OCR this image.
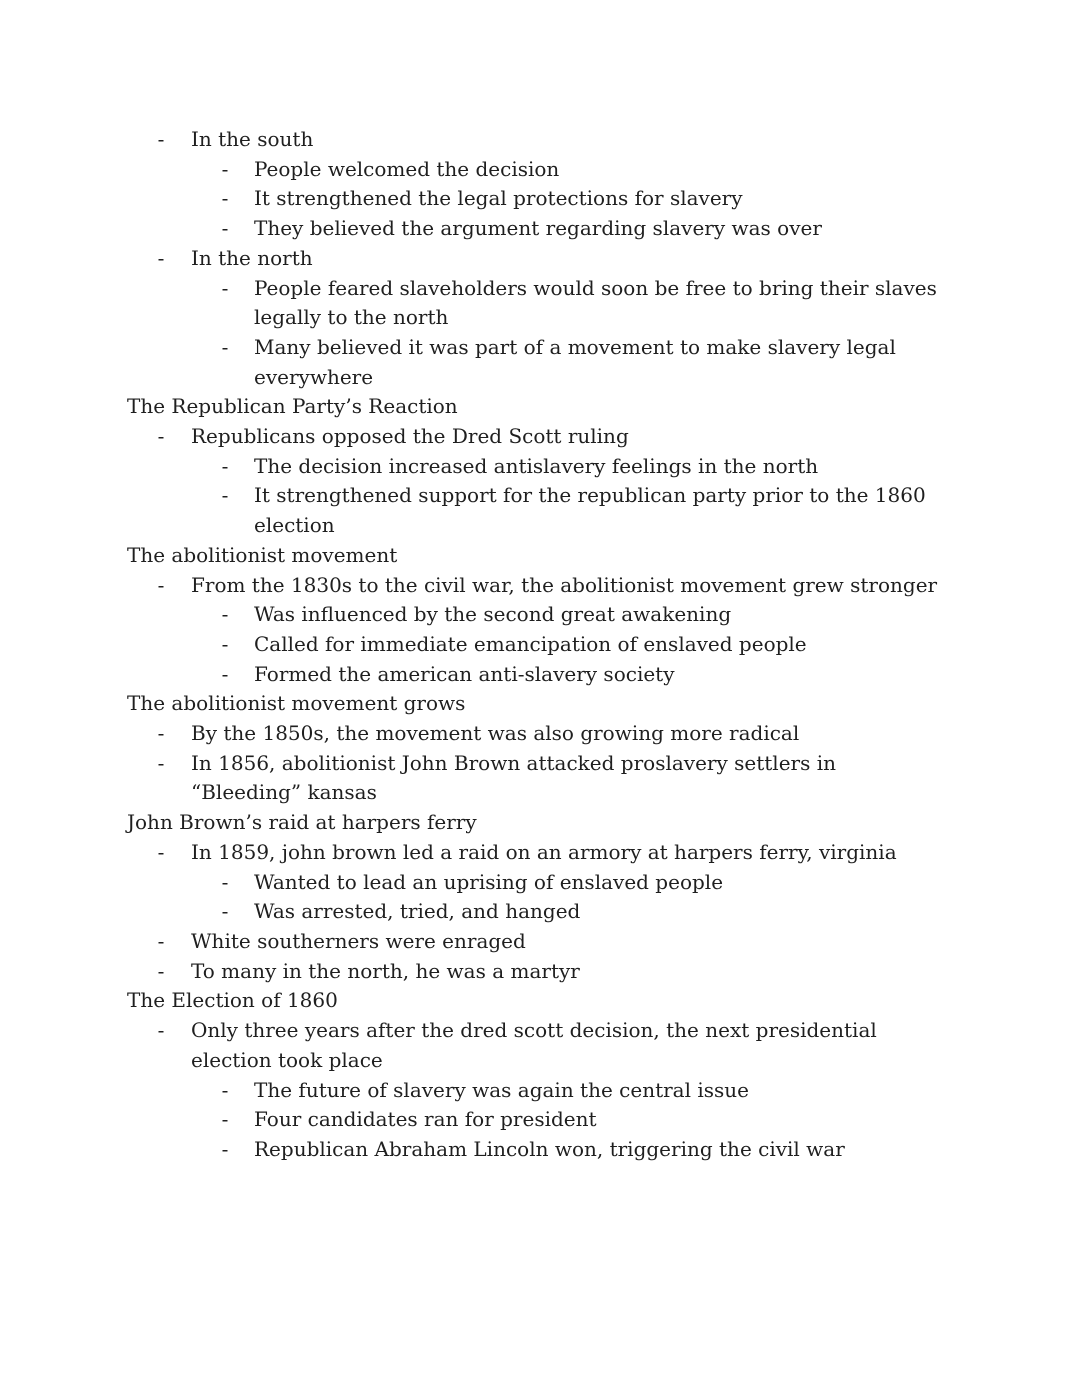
- In the south
- People welcomed the decision
- It strengthened the legal protections for slavery
- They believed the argument regarding slavery was over
- In the north
- People feared slaveholders would soon be free to bring their slaves legally to the north
- Many believed it was part of a movement to make slavery legal everywhere
The Republican Party’s Reaction
- Republicans opposed the Dred Scott ruling
- The decision increased antislavery feelings in the north
- It strengthened support for the republican party prior to the 1860 election
The abolitionist movement
- From the 1830s to the civil war, the abolitionist movement grew stronger
- Was influenced by the second great awakening
- Called for immediate emancipation of enslaved people
- Formed the american anti-slavery society
The abolitionist movement grows
- By the 1850s, the movement was also growing more radical
- In 1856, abolitionist John Brown attacked proslavery settlers in “Bleeding” kansas
John Brown’s raid at harpers ferry
- In 1859, john brown led a raid on an armory at harpers ferry, virginia
- Wanted to lead an uprising of enslaved people
- Was arrested, tried, and hanged
- White southerners were enraged
- To many in the north, he was a martyr
The Election of 1860
- Only three years after the dred scott decision, the next presidential election took place
- The future of slavery was again the central issue
- Four candidates ran for president
- Republican Abraham Lincoln won, triggering the civil war
